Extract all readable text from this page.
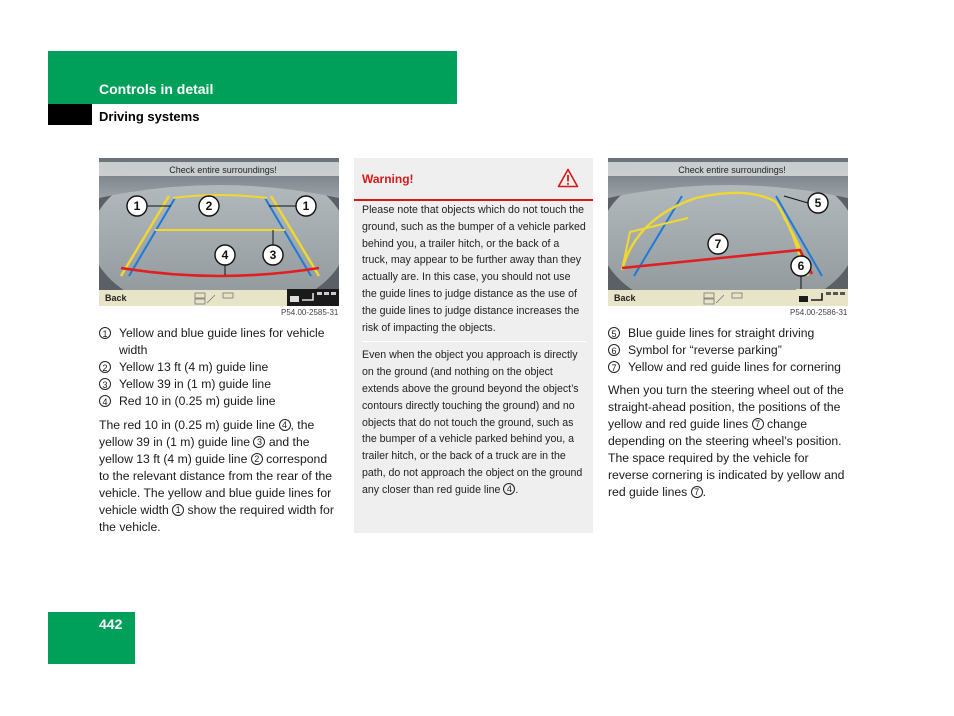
Controls in detail
Driving systems
Check entire surroundings!
1	2	1
4	3
Back
P54.00-2585-31
1 Yellow and blue guide lines for vehicle width
2 Yellow 13 ft (4 m) guide line
3 Yellow 39 in (1 m) guide line
4 Red 10 in (0.25 m) guide line

The red 10 in (0.25 m) guide line 4 , the yellow 39 in (1 m) guide line 3 and the yellow 13 ft (4 m) guide line 2 correspond to the relevant distance from the rear of the vehicle. The yellow and blue guide lines for vehicle width 1 show the required width for the vehicle.

Warning!

Please note that objects which do not touch the ground, such as the bumper of a vehicle parked behind you, a trailer hitch, or the back of a truck, may appear to be further away than they actually are. In this case, you should not use the guide lines to judge distance as the use of the guide lines to judge distance increases the risk of impacting the objects.

Even when the object you approach is directly on the ground (and nothing on the object extends above the ground beyond the object’s contours directly touching the ground) and no objects that do not touch the ground, such as the bumper of a vehicle parked behind you, a trailer hitch, or the back of a truck are in the path, do not approach the object on the ground any closer than red guide line 4 .

Check entire surroundings!
5
7
6
Back
P54.00-2586-31
5 Blue guide lines for straight driving
6 Symbol for “reverse parking”
7 Yellow and red guide lines for cornering

When you turn the steering wheel out of the straight-ahead position, the positions of the yellow and red guide lines 7 change depending on the steering wheel’s position. The space required by the vehicle for reverse cornering is indicated by yellow and red guide lines 7 .

442
